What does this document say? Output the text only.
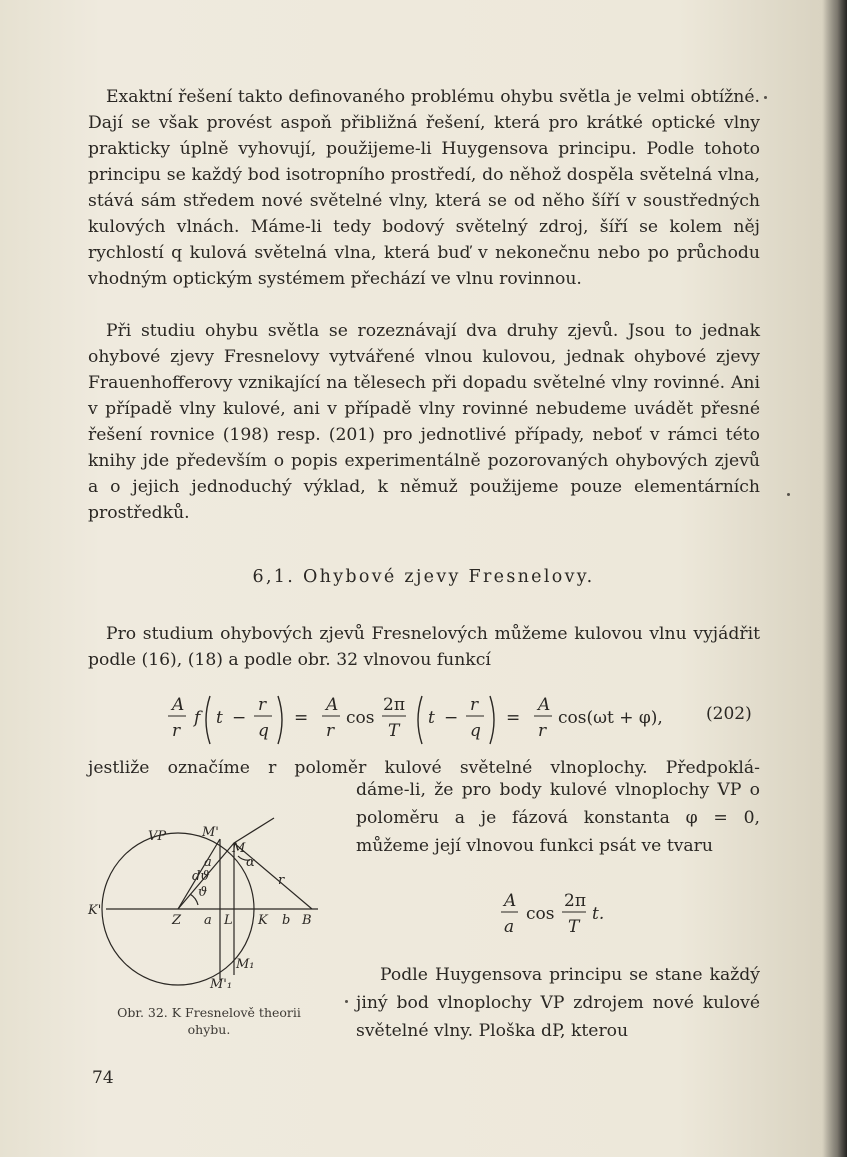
Exaktní řešení takto definovaného problému ohybu světla je velmi obtížné. Dají se však provést aspoň přibližná řešení, která pro krátké optické vlny prakticky úplně vyhovují, použijeme-li Huygensova principu. Podle tohoto principu se každý bod isotropního prostředí, do něhož dospěla světelná vlna, stává sám středem nové světelné vlny, která se od něho šíří v soustředných kulových vlnách. Máme-li tedy bodový světelný zdroj, šíří se kolem něj rychlostí q kulová světelná vlna, která buď v nekonečnu nebo po průchodu vhodným optickým systémem přechází ve vlnu rovinnou.

Při studiu ohybu světla se rozeznávají dva druhy zjevů. Jsou to jednak ohybové zjevy Fresnelovy vytvářené vlnou kulovou, jednak ohybové zjevy Frauenhofferovy vznikající na tělesech při dopadu světelné vlny rovinné. Ani v případě vlny kulové, ani v případě vlny rovinné nebudeme uvádět přesné řešení rovnice (198) resp. (201) pro jednotlivé případy, neboť v rámci této knihy jde především o popis experimentálně pozorovaných ohybových zjevů a o jejich jednoduchý výklad, k němuž použijeme pouze elementárních prostředků.

6,1. Ohybové zjevy Fresnelovy.

Pro studium ohybových zjevů Fresnelových můžeme kulovou vlnu vyjádřit podle (16), (18) a podle obr. 32 vlnovou funkcí

A
r
f t −
r
q
=
A
r
cos
2π
T
t −
r
q
=
A
r
cos(ωt + φ),	(202)
jestliže označíme r poloměr kulové světelné vlnoplochy. Předpoklá-
dáme-li, že pro body kulové vlnoplochy VP o poloměru a je fázová konstanta φ = 0, můžeme její vlnovou funkci psát ve tvaru
A
a
cos
2π
T
t.

Podle Huygensova principu se stane každý jiný bod vlnoplochy VP zdrojem nové kulové světelné vlny. Ploška dP, kterou

VP	M'
M
α
a
dϑ
ϑ
r
K'
Z a L K b B
M₁
M'₁
Obr. 32. K Fresnelově theorii ohybu.
74
